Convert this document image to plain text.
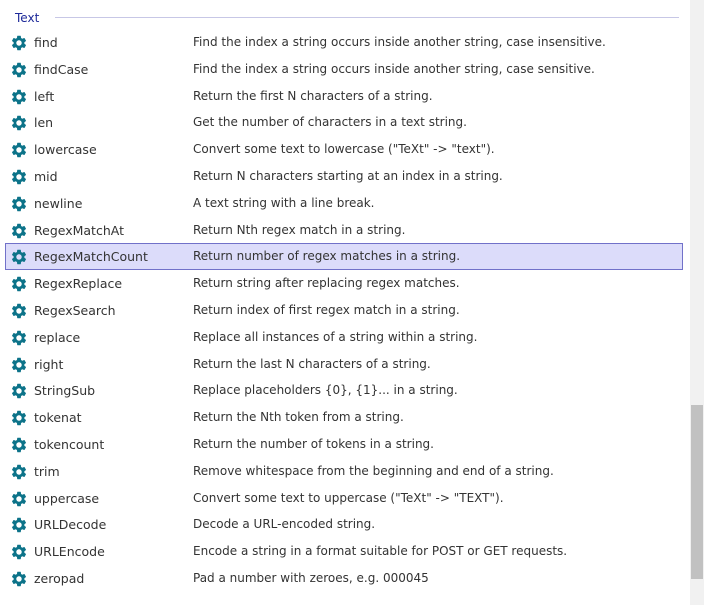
Text
find	Find the index a string occurs inside another string, case insensitive.
findCase	Find the index a string occurs inside another string, case sensitive.
left	Return the first N characters of a string.
len	Get the number of characters in a text string.
lowercase	Convert some text to lowercase ("TeXt" -> "text").
mid	Return N characters starting at an index in a string.
newline	A text string with a line break.
RegexMatchAt	Return Nth regex match in a string.
RegexMatchCount	Return number of regex matches in a string.
RegexReplace	Return string after replacing regex matches.
RegexSearch	Return index of first regex match in a string.
replace	Replace all instances of a string within a string.
right	Return the last N characters of a string.
StringSub	Replace placeholders {0}, {1}... in a string.
tokenat	Return the Nth token from a string.
tokencount	Return the number of tokens in a string.
trim	Remove whitespace from the beginning and end of a string.
uppercase	Convert some text to uppercase ("TeXt" -> "TEXT").
URLDecode	Decode a URL-encoded string.
URLEncode	Encode a string in a format suitable for POST or GET requests.
zeropad	Pad a number with zeroes, e.g. 000045
